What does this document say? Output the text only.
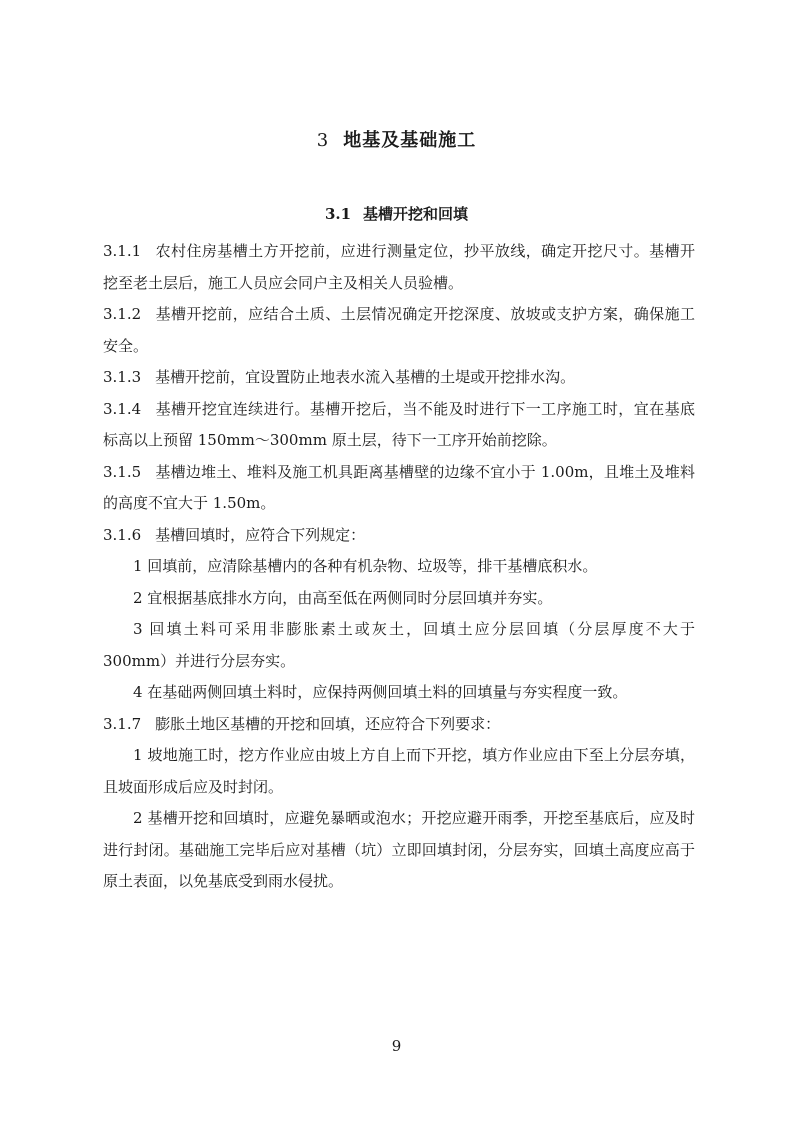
3 地基及基础施工
3.1 基槽开挖和回填

3.1.1 农村住房基槽土方开挖前，应进行测量定位，抄平放线，确定开挖尺寸。基槽开挖至老土层后，施工人员应会同户主及相关人员验槽。

3.1.2 基槽开挖前，应结合土质、土层情况确定开挖深度、放坡或支护方案，确保施工安全。

3.1.3 基槽开挖前，宜设置防止地表水流入基槽的土堤或开挖排水沟。

3.1.4 基槽开挖宜连续进行。基槽开挖后，当不能及时进行下一工序施工时，宜在基底标高以上预留 150mm～300mm 原土层，待下一工序开始前挖除。

3.1.5 基槽边堆土、堆料及施工机具距离基槽壁的边缘不宜小于 1.00m，且堆土及堆料的高度不宜大于 1.50m。

3.1.6 基槽回填时，应符合下列规定：

1 回填前，应清除基槽内的各种有机杂物、垃圾等，排干基槽底积水。

2 宜根据基底排水方向，由高至低在两侧同时分层回填并夯实。

3 回填土料可采用非膨胀素土或灰土，回填土应分层回填（分层厚度不大于 300mm）并进行分层夯实。

4 在基础两侧回填土料时，应保持两侧回填土料的回填量与夯实程度一致。

3.1.7 膨胀土地区基槽的开挖和回填，还应符合下列要求：

1 坡地施工时，挖方作业应由坡上方自上而下开挖，填方作业应由下至上分层夯填，且坡面形成后应及时封闭。

2 基槽开挖和回填时，应避免暴晒或泡水；开挖应避开雨季，开挖至基底后，应及时进行封闭。基础施工完毕后应对基槽（坑）立即回填封闭，分层夯实，回填土高度应高于原土表面，以免基底受到雨水侵扰。

9
